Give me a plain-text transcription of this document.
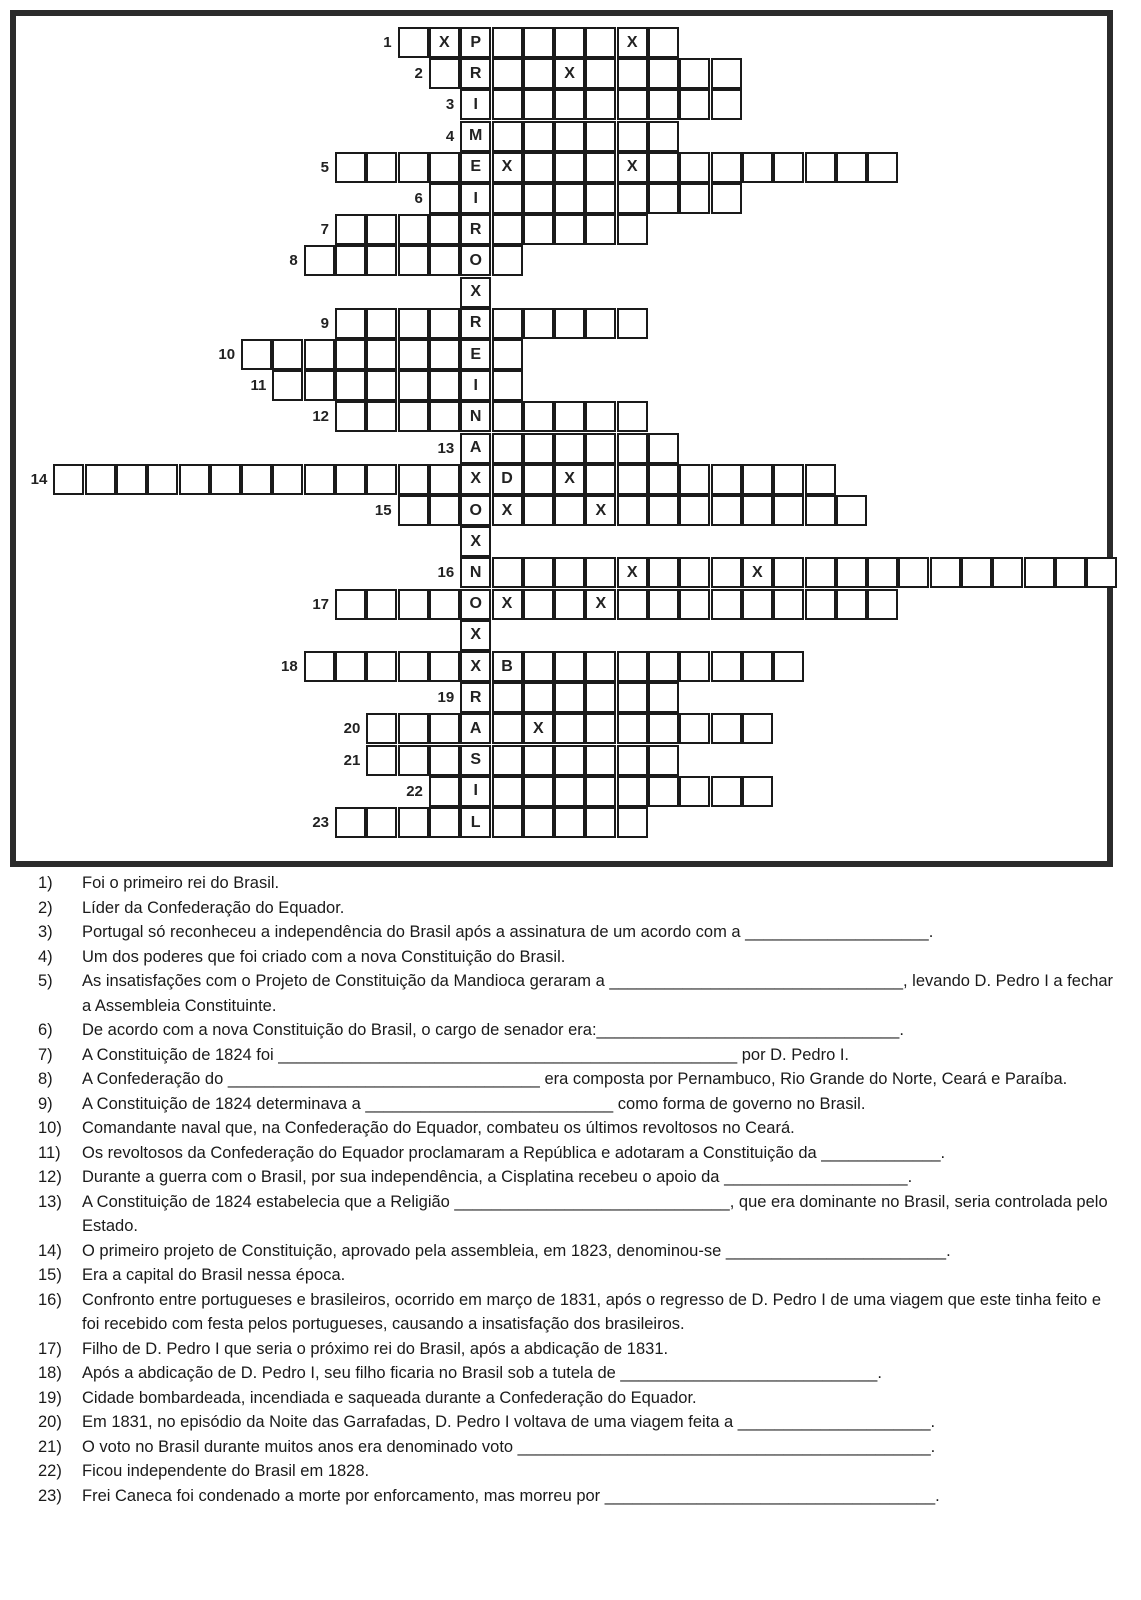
1	X	P	X
2	R	X
3	I
4 M
5	E	X	X
6	I
7	R
8	O
X
9	R
10	E
11	I
12	N
13 A
14	X	D	X
15	O	X	X
X
16 N	X	X
17	O	X	X
X
18	X	B
19 R
20	A	X
21	S
22	I
23	L
1)	Foi o primeiro rei do Brasil.
2)	Líder da Confederação do Equador.
3)	Portugal só reconheceu a independência do Brasil após a assinatura de um acordo com a ____________________.
4)	Um dos poderes que foi criado com a nova Constituição do Brasil.
5)	As insatisfações com o Projeto de Constituição da Mandioca geraram a ________________________________, levando D. Pedro I a fechar a Assembleia Constituinte.
6)	De acordo com a nova Constituição do Brasil, o cargo de senador era:_________________________________.
7)	A Constituição de 1824 foi __________________________________________________ por D. Pedro I.
8)	A Confederação do __________________________________ era composta por Pernambuco, Rio Grande do Norte, Ceará e Paraíba.
9)	A Constituição de 1824 determinava a ___________________________ como forma de governo no Brasil.
10)	Comandante naval que, na Confederação do Equador, combateu os últimos revoltosos no Ceará.
11)	Os revoltosos da Confederação do Equador proclamaram a República e adotaram a Constituição da _____________.
12)	Durante a guerra com o Brasil, por sua independência, a Cisplatina recebeu o apoio da ____________________.
13)	A Constituição de 1824 estabelecia que a Religião ______________________________, que era dominante no Brasil, seria controlada pelo Estado.
14)	O primeiro projeto de Constituição, aprovado pela assembleia, em 1823, denominou-se ________________________.
15)	Era a capital do Brasil nessa época.
16)	Confronto entre portugueses e brasileiros, ocorrido em março de 1831, após o regresso de D. Pedro I de uma viagem que este tinha feito e foi recebido com festa pelos portugueses, causando a insatisfação dos brasileiros.
17)	Filho de D. Pedro I que seria o próximo rei do Brasil, após a abdicação de 1831.
18)	Após a abdicação de D. Pedro I, seu filho ficaria no Brasil sob a tutela de ____________________________.
19)	Cidade bombardeada, incendiada e saqueada durante a Confederação do Equador.
20)	Em 1831, no episódio da Noite das Garrafadas, D. Pedro I voltava de uma viagem feita a _____________________.
21)	O voto no Brasil durante muitos anos era denominado voto _____________________________________________.
22)	Ficou independente do Brasil em 1828.
23)	Frei Caneca foi condenado a morte por enforcamento, mas morreu por ____________________________________.
